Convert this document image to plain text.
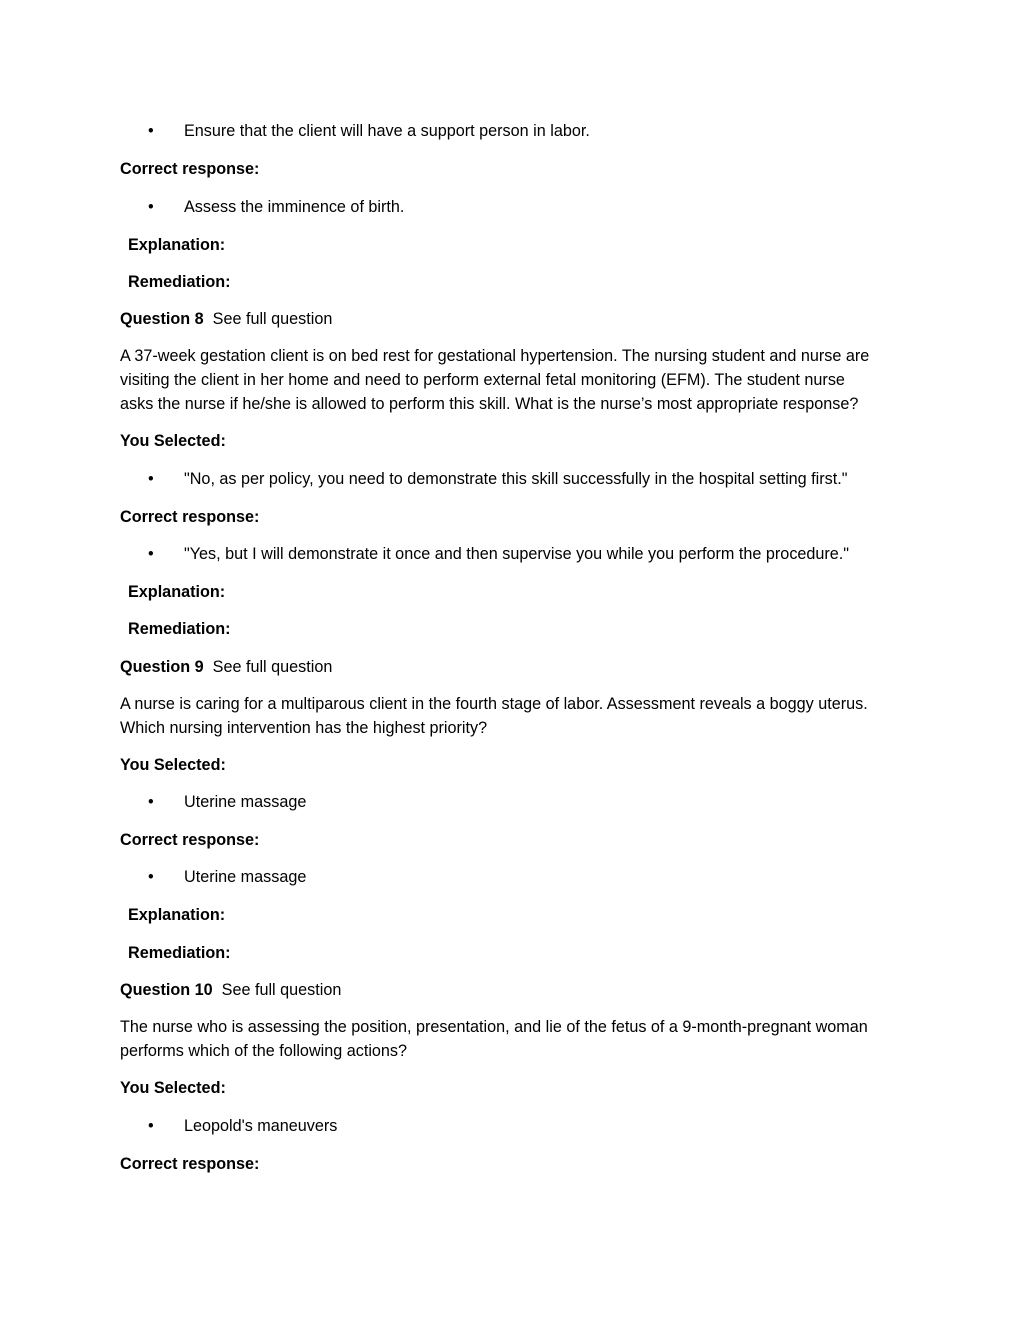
• Ensure that the client will have a support person in labor.
Correct response:
• Assess the imminence of birth.
Explanation:
Remediation:
Question 8 See full question
A 37-week gestation client is on bed rest for gestational hypertension. The nursing student and nurse are
visiting the client in her home and need to perform external fetal monitoring (EFM). The student nurse
asks the nurse if he/she is allowed to perform this skill. What is the nurse’s most appropriate response?
You Selected:
• "No, as per policy, you need to demonstrate this skill successfully in the hospital setting first."
Correct response:
• "Yes, but I will demonstrate it once and then supervise you while you perform the procedure."
Explanation:
Remediation:
Question 9 See full question
A nurse is caring for a multiparous client in the fourth stage of labor. Assessment reveals a boggy uterus.
Which nursing intervention has the highest priority?
You Selected:
• Uterine massage
Correct response:
• Uterine massage
Explanation:
Remediation:
Question 10 See full question
The nurse who is assessing the position, presentation, and lie of the fetus of a 9-month-pregnant woman
performs which of the following actions?
You Selected:
• Leopold's maneuvers
Correct response:
